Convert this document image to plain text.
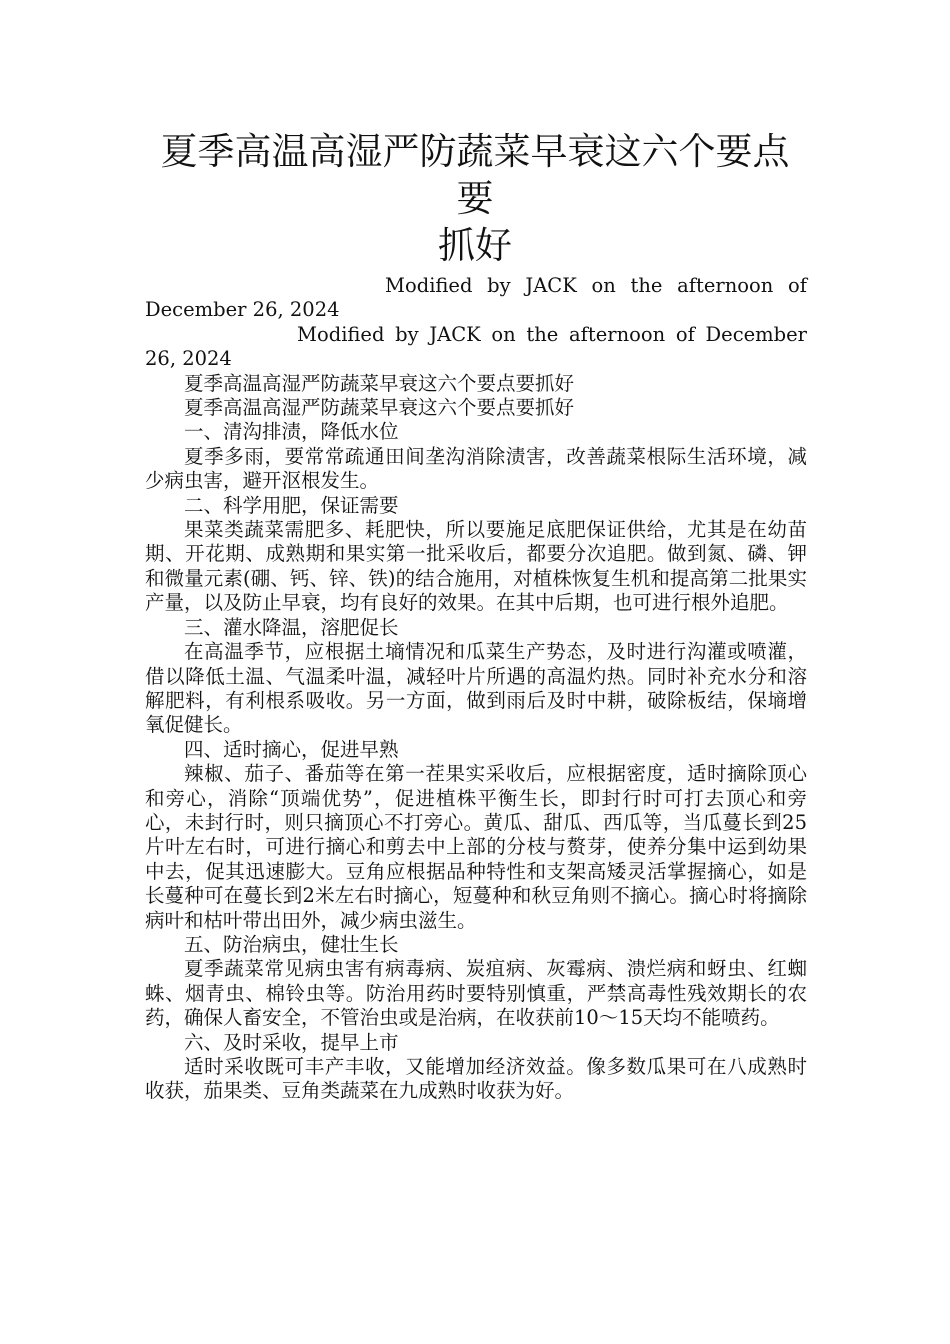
夏季高温高湿严防蔬菜早衰这六个要点要
抓好
Modified by JACK on the afternoon of December 26, 2024
Modified by JACK on the afternoon of December 26, 2024

夏季高温高湿严防蔬菜早衰这六个要点要抓好

夏季高温高湿严防蔬菜早衰这六个要点要抓好

一、清沟排渍，降低水位

夏季多雨，要常常疏通田间垄沟消除渍害，改善蔬菜根际生活环境，减少病虫害，避开沤根发生。

二、科学用肥，保证需要

果菜类蔬菜需肥多、耗肥快，所以要施足底肥保证供给，尤其是在幼苗期、开花期、成熟期和果实第一批采收后，都要分次追肥。做到氮、磷、钾和微量元素(硼、钙、锌、铁)的结合施用，对植株恢复生机和提高第二批果实产量，以及防止早衰，均有良好的效果。在其中后期，也可进行根外追肥。

三、灌水降温，溶肥促长

在高温季节，应根据土墒情况和瓜菜生产势态，及时进行沟灌或喷灌，借以降低土温、气温柔叶温，减轻叶片所遇的高温灼热。同时补充水分和溶解肥料，有利根系吸收。另一方面，做到雨后及时中耕，破除板结，保墒增氧促健长。

四、适时摘心，促进早熟

辣椒、茄子、番茄等在第一茬果实采收后，应根据密度，适时摘除顶心和旁心，消除“顶端优势”，促进植株平衡生长，即封行时可打去顶心和旁心，未封行时，则只摘顶心不打旁心。黄瓜、甜瓜、西瓜等，当瓜蔓长到25片叶左右时，可进行摘心和剪去中上部的分枝与赘芽，使养分集中运到幼果中去，促其迅速膨大。豆角应根据品种特性和支架高矮灵活掌握摘心，如是长蔓种可在蔓长到2米左右时摘心，短蔓种和秋豆角则不摘心。摘心时将摘除病叶和枯叶带出田外，减少病虫滋生。

五、防治病虫，健壮生长

夏季蔬菜常见病虫害有病毒病、炭疽病、灰霉病、溃烂病和蚜虫、红蜘蛛、烟青虫、棉铃虫等。防治用药时要特别慎重，严禁高毒性残效期长的农药，确保人畜安全，不管治虫或是治病，在收获前10～15天均不能喷药。

六、及时采收，提早上市

适时采收既可丰产丰收，又能增加经济效益。像多数瓜果可在八成熟时收获，茄果类、豆角类蔬菜在九成熟时收获为好。
